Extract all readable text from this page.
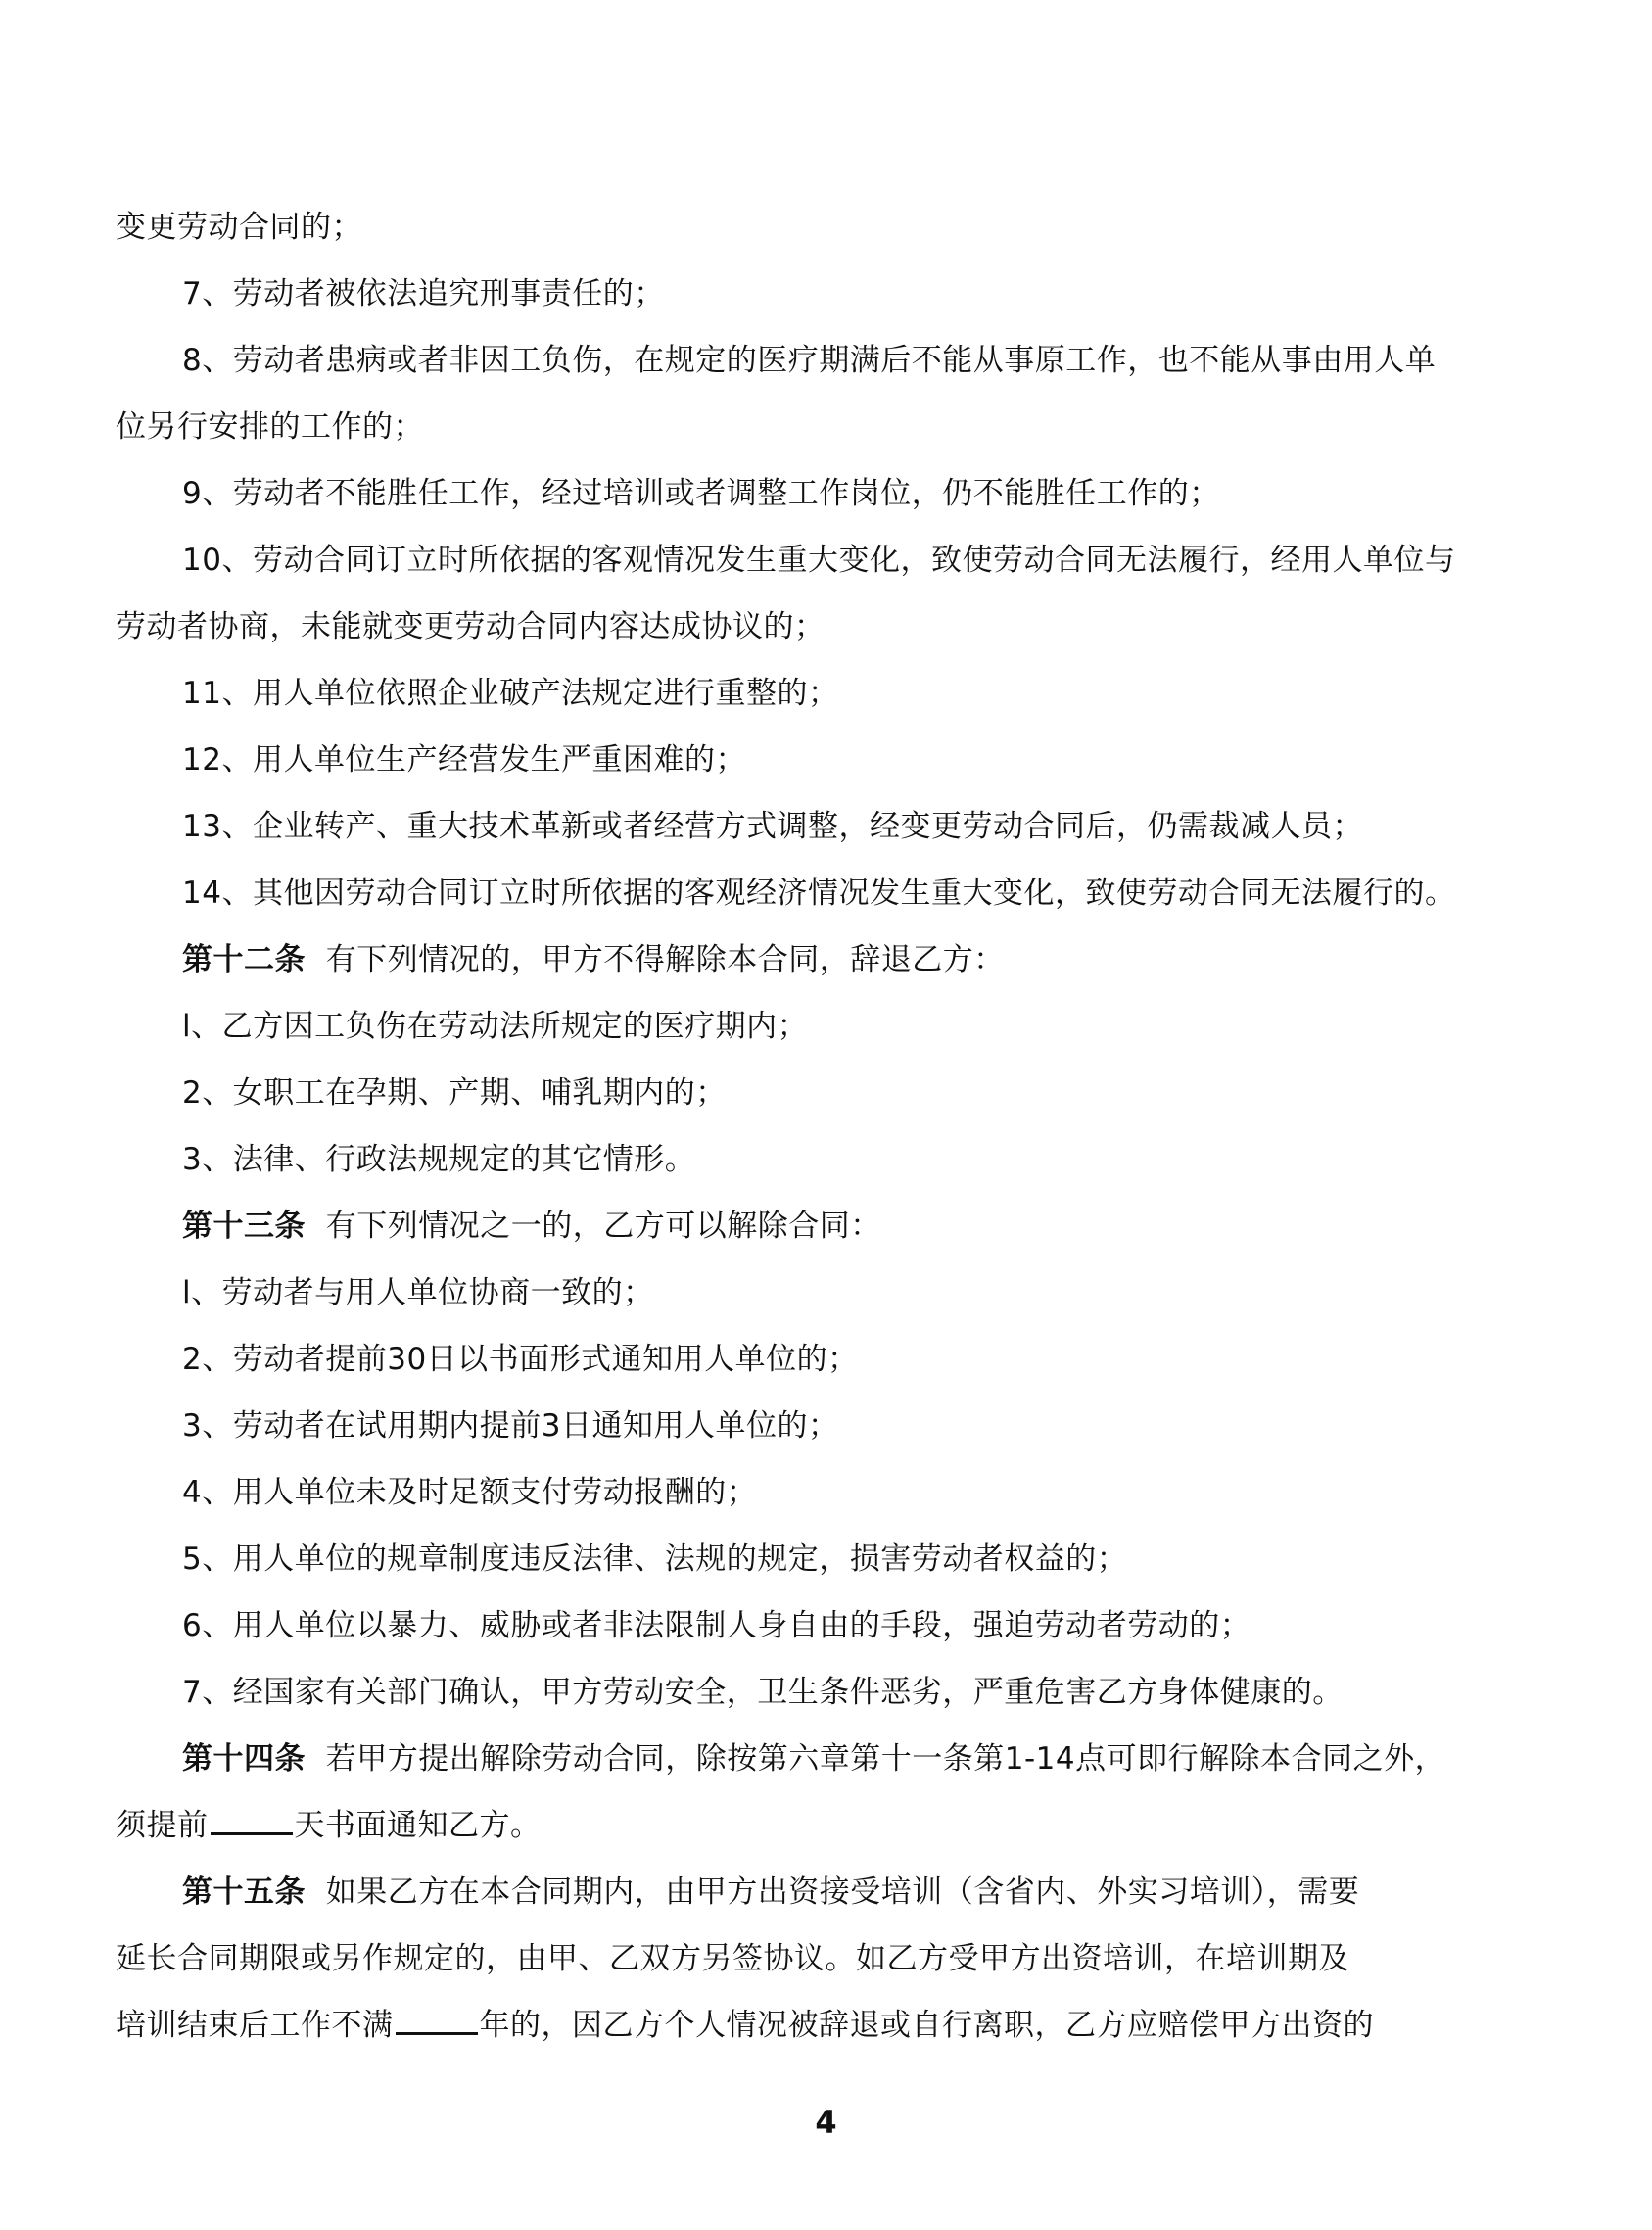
变更劳动合同的；
7、劳动者被依法追究刑事责任的；
8、劳动者患病或者非因工负伤，在规定的医疗期满后不能从事原工作，也不能从事由用人单
位另行安排的工作的；
9、劳动者不能胜任工作，经过培训或者调整工作岗位，仍不能胜任工作的；
10、劳动合同订立时所依据的客观情况发生重大变化，致使劳动合同无法履行，经用人单位与
劳动者协商，未能就变更劳动合同内容达成协议的；
11、用人单位依照企业破产法规定进行重整的；
12、用人单位生产经营发生严重困难的；
13、企业转产、重大技术革新或者经营方式调整，经变更劳动合同后，仍需裁减人员；
14、其他因劳动合同订立时所依据的客观经济情况发生重大变化，致使劳动合同无法履行的。
第十二条 有下列情况的，甲方不得解除本合同，辞退乙方：
l、乙方因工负伤在劳动法所规定的医疗期内；
2、女职工在孕期、产期、哺乳期内的；
3、法律、行政法规规定的其它情形。
第十三条 有下列情况之一的，乙方可以解除合同：
l、劳动者与用人单位协商一致的；
2、劳动者提前30日以书面形式通知用人单位的；
3、劳动者在试用期内提前3日通知用人单位的；
4、用人单位未及时足额支付劳动报酬的；
5、用人单位的规章制度违反法律、法规的规定，损害劳动者权益的；
6、用人单位以暴力、威胁或者非法限制人身自由的手段，强迫劳动者劳动的；
7、经国家有关部门确认，甲方劳动安全，卫生条件恶劣，严重危害乙方身体健康的。
第十四条 若甲方提出解除劳动合同，除按第六章第十一条第1-14点可即行解除本合同之外，
须提前	天书面通知乙方。
第十五条 如果乙方在本合同期内，由甲方出资接受培训（含省内、外实习培训），需要
延长合同期限或另作规定的，由甲、乙双方另签协议。如乙方受甲方出资培训，在培训期及
培训结束后工作不满	年的，因乙方个人情况被辞退或自行离职，乙方应赔偿甲方出资的
4
